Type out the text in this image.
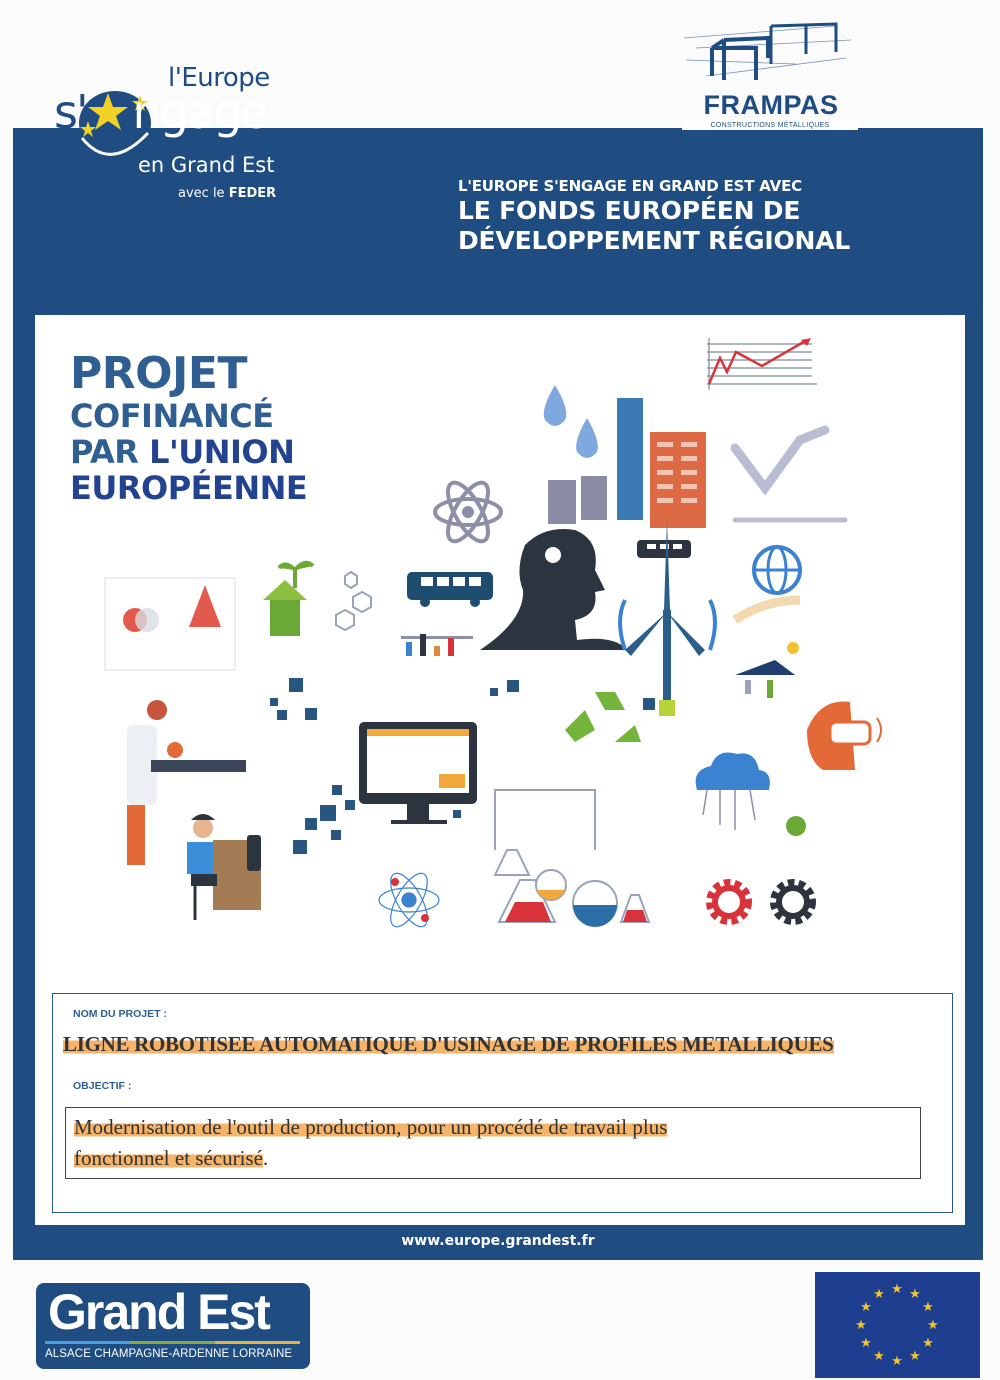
l'Europe
s' ngage
en Grand Est
avec le FEDER
FRAMPAS
CONSTRUCTIONS MÉTALLIQUES
L'EUROPE S'ENGAGE EN GRAND EST AVEC
LE FONDS EUROPÉEN DE
DÉVELOPPEMENT RÉGIONAL
PROJET
COFINANCÉ
PAR L'UNION
EUROPÉENNE
NOM DU PROJET :
LIGNE ROBOTISEE AUTOMATIQUE D'USINAGE DE PROFILES METALLIQUES
OBJECTIF :
Modernisation de l'outil de production, pour un procédé de travail plus
fonctionnel et sécurisé.
www.europe.grandest.fr
Grand Est
ALSACE CHAMPAGNE-ARDENNE LORRAINE
★ ★
★
★
★
★
★
★
★
★
★
★
